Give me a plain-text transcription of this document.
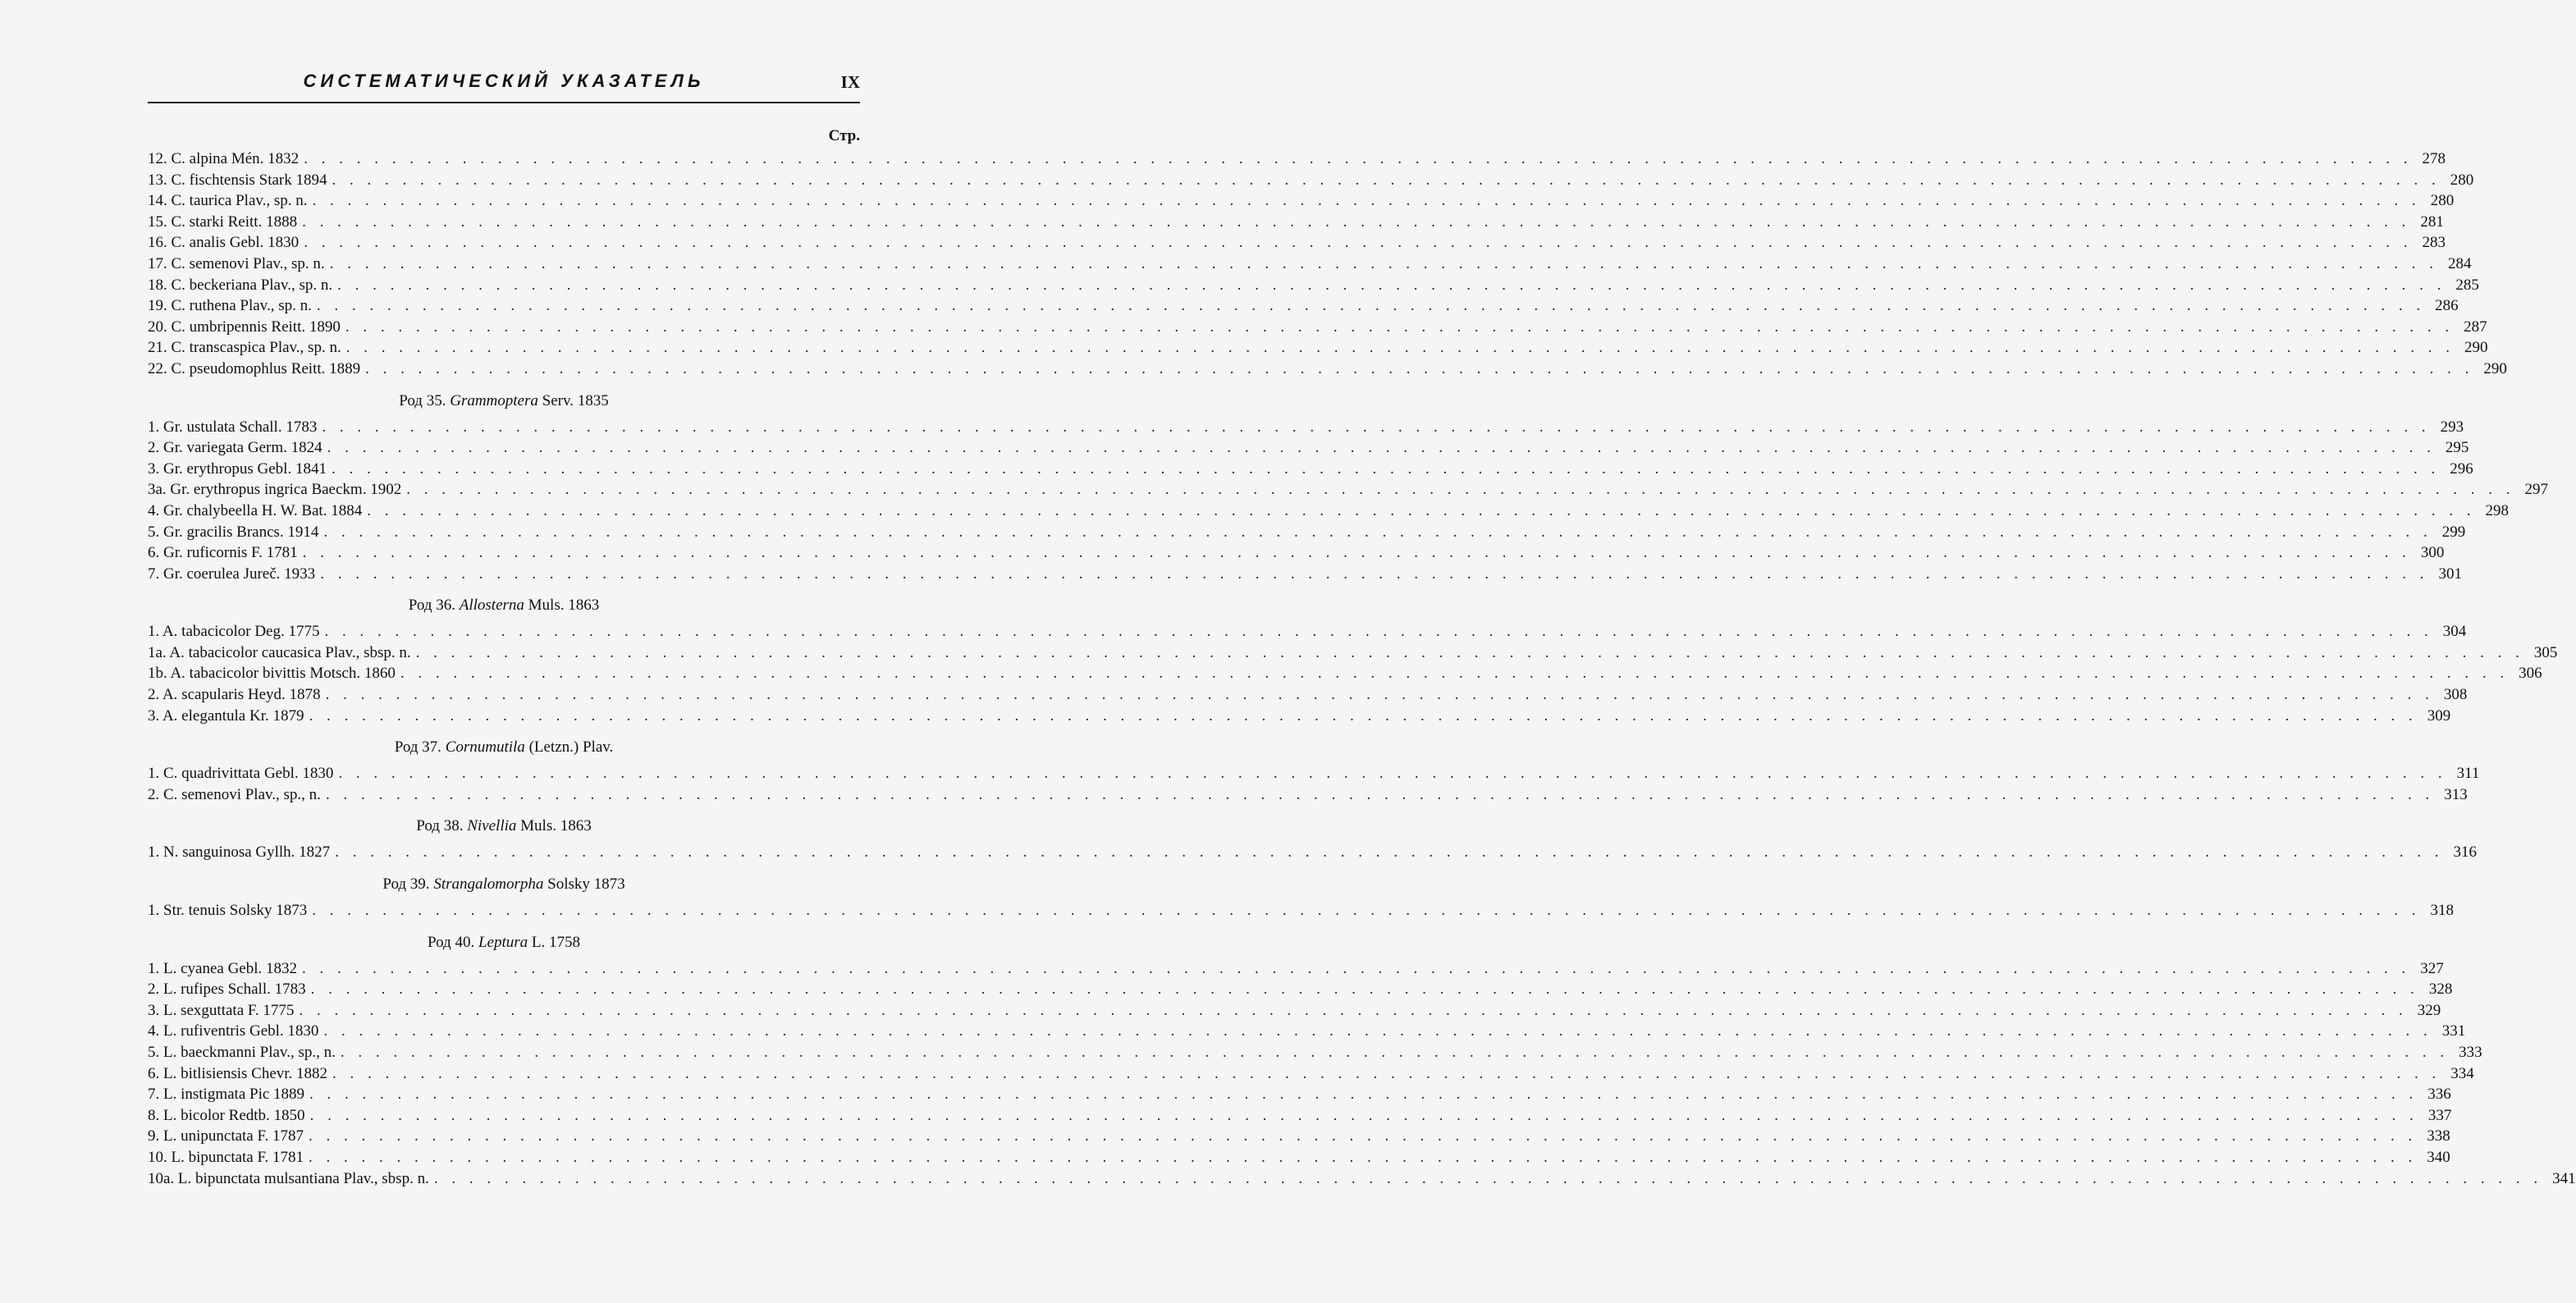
СИСТЕМАТИЧЕСКИЙ УКАЗАТЕЛЬ	IX
Стр.
12. C. alpina Mén. 1832 . . . . . . . . . . . . . . . . . . . . . . . . . . . . . . . . . . . . . . . . . . . . . . . . . . . . . . . . . . . . . . . . . . . . . . . . . . . . . . . . . . . . . . . . . . . . . . . . . . . . . . . . . . . . . . . . . . . . . . . . 278
13. C. fischtensis Stark 1894 . . . . . . . . . . . . . . . . . . . . . . . . . . . . . . . . . . . . . . . . . . . . . . . . . . . . . . . . . . . . . . . . . . . . . . . . . . . . . . . . . . . . . . . . . . . . . . . . . . . . . . . . . . . . . . . . . . . . . . . . 280
14. C. taurica Plav., sp. n. . . . . . . . . . . . . . . . . . . . . . . . . . . . . . . . . . . . . . . . . . . . . . . . . . . . . . . . . . . . . . . . . . . . . . . . . . . . . . . . . . . . . . . . . . . . . . . . . . . . . . . . . . . . . . . . . . . . . . . . . 280
15. C. starki Reitt. 1888 . . . . . . . . . . . . . . . . . . . . . . . . . . . . . . . . . . . . . . . . . . . . . . . . . . . . . . . . . . . . . . . . . . . . . . . . . . . . . . . . . . . . . . . . . . . . . . . . . . . . . . . . . . . . . . . . . . . . . . . . 281
16. C. analis Gebl. 1830 . . . . . . . . . . . . . . . . . . . . . . . . . . . . . . . . . . . . . . . . . . . . . . . . . . . . . . . . . . . . . . . . . . . . . . . . . . . . . . . . . . . . . . . . . . . . . . . . . . . . . . . . . . . . . . . . . . . . . . . . 283
17. C. semenovi Plav., sp. n. . . . . . . . . . . . . . . . . . . . . . . . . . . . . . . . . . . . . . . . . . . . . . . . . . . . . . . . . . . . . . . . . . . . . . . . . . . . . . . . . . . . . . . . . . . . . . . . . . . . . . . . . . . . . . . . . . . . . . . . . 284
18. C. beckeriana Plav., sp. n. . . . . . . . . . . . . . . . . . . . . . . . . . . . . . . . . . . . . . . . . . . . . . . . . . . . . . . . . . . . . . . . . . . . . . . . . . . . . . . . . . . . . . . . . . . . . . . . . . . . . . . . . . . . . . . . . . . . . . . . . 285
19. C. ruthena Plav., sp. n. . . . . . . . . . . . . . . . . . . . . . . . . . . . . . . . . . . . . . . . . . . . . . . . . . . . . . . . . . . . . . . . . . . . . . . . . . . . . . . . . . . . . . . . . . . . . . . . . . . . . . . . . . . . . . . . . . . . . . . . . 286
20. C. umbripennis Reitt. 1890 . . . . . . . . . . . . . . . . . . . . . . . . . . . . . . . . . . . . . . . . . . . . . . . . . . . . . . . . . . . . . . . . . . . . . . . . . . . . . . . . . . . . . . . . . . . . . . . . . . . . . . . . . . . . . . . . . . . . . . . . 287
21. C. transcaspica Plav., sp. n. . . . . . . . . . . . . . . . . . . . . . . . . . . . . . . . . . . . . . . . . . . . . . . . . . . . . . . . . . . . . . . . . . . . . . . . . . . . . . . . . . . . . . . . . . . . . . . . . . . . . . . . . . . . . . . . . . . . . . . . . 290
22. C. pseudomophlus Reitt. 1889 . . . . . . . . . . . . . . . . . . . . . . . . . . . . . . . . . . . . . . . . . . . . . . . . . . . . . . . . . . . . . . . . . . . . . . . . . . . . . . . . . . . . . . . . . . . . . . . . . . . . . . . . . . . . . . . . . . . . . . . . 290
Род 35. Grammoptera Serv. 1835
1. Gr. ustulata Schall. 1783 . . . . . . . . . . . . . . . . . . . . . . . . . . . . . . . . . . . . . . . . . . . . . . . . . . . . . . . . . . . . . . . . . . . . . . . . . . . . . . . . . . . . . . . . . . . . . . . . . . . . . . . . . . . . . . . . . . . . . . . . 293
2. Gr. variegata Germ. 1824 . . . . . . . . . . . . . . . . . . . . . . . . . . . . . . . . . . . . . . . . . . . . . . . . . . . . . . . . . . . . . . . . . . . . . . . . . . . . . . . . . . . . . . . . . . . . . . . . . . . . . . . . . . . . . . . . . . . . . . . . 295
3. Gr. erythropus Gebl. 1841 . . . . . . . . . . . . . . . . . . . . . . . . . . . . . . . . . . . . . . . . . . . . . . . . . . . . . . . . . . . . . . . . . . . . . . . . . . . . . . . . . . . . . . . . . . . . . . . . . . . . . . . . . . . . . . . . . . . . . . . . 296
3a. Gr. erythropus ingrica Baeckm. 1902 . . . . . . . . . . . . . . . . . . . . . . . . . . . . . . . . . . . . . . . . . . . . . . . . . . . . . . . . . . . . . . . . . . . . . . . . . . . . . . . . . . . . . . . . . . . . . . . . . . . . . . . . . . . . . . . . . . . . . . . . 297
4. Gr. chalybeella H. W. Bat. 1884 . . . . . . . . . . . . . . . . . . . . . . . . . . . . . . . . . . . . . . . . . . . . . . . . . . . . . . . . . . . . . . . . . . . . . . . . . . . . . . . . . . . . . . . . . . . . . . . . . . . . . . . . . . . . . . . . . . . . . . . . 298
5. Gr. gracilis Brancs. 1914 . . . . . . . . . . . . . . . . . . . . . . . . . . . . . . . . . . . . . . . . . . . . . . . . . . . . . . . . . . . . . . . . . . . . . . . . . . . . . . . . . . . . . . . . . . . . . . . . . . . . . . . . . . . . . . . . . . . . . . . . 299
6. Gr. ruficornis F. 1781 . . . . . . . . . . . . . . . . . . . . . . . . . . . . . . . . . . . . . . . . . . . . . . . . . . . . . . . . . . . . . . . . . . . . . . . . . . . . . . . . . . . . . . . . . . . . . . . . . . . . . . . . . . . . . . . . . . . . . . . . 300
7. Gr. coerulea Jureč. 1933 . . . . . . . . . . . . . . . . . . . . . . . . . . . . . . . . . . . . . . . . . . . . . . . . . . . . . . . . . . . . . . . . . . . . . . . . . . . . . . . . . . . . . . . . . . . . . . . . . . . . . . . . . . . . . . . . . . . . . . . . 301
Род 36. Allosterna Muls. 1863
1. A. tabacicolor Deg. 1775 . . . . . . . . . . . . . . . . . . . . . . . . . . . . . . . . . . . . . . . . . . . . . . . . . . . . . . . . . . . . . . . . . . . . . . . . . . . . . . . . . . . . . . . . . . . . . . . . . . . . . . . . . . . . . . . . . . . . . . . . 304
1a. A. tabacicolor caucasica Plav., sbsp. n. . . . . . . . . . . . . . . . . . . . . . . . . . . . . . . . . . . . . . . . . . . . . . . . . . . . . . . . . . . . . . . . . . . . . . . . . . . . . . . . . . . . . . . . . . . . . . . . . . . . . . . . . . . . . . . . . . . . . . . . . 305
1b. A. tabacicolor bivittis Motsch. 1860 . . . . . . . . . . . . . . . . . . . . . . . . . . . . . . . . . . . . . . . . . . . . . . . . . . . . . . . . . . . . . . . . . . . . . . . . . . . . . . . . . . . . . . . . . . . . . . . . . . . . . . . . . . . . . . . . . . . . . . . . 306
2. A. scapularis Heyd. 1878 . . . . . . . . . . . . . . . . . . . . . . . . . . . . . . . . . . . . . . . . . . . . . . . . . . . . . . . . . . . . . . . . . . . . . . . . . . . . . . . . . . . . . . . . . . . . . . . . . . . . . . . . . . . . . . . . . . . . . . . . 308
3. A. elegantula Kr. 1879 . . . . . . . . . . . . . . . . . . . . . . . . . . . . . . . . . . . . . . . . . . . . . . . . . . . . . . . . . . . . . . . . . . . . . . . . . . . . . . . . . . . . . . . . . . . . . . . . . . . . . . . . . . . . . . . . . . . . . . . . 309
Род 37. Cornumutila (Letzn.) Plav.
1. C. quadrivittata Gebl. 1830 . . . . . . . . . . . . . . . . . . . . . . . . . . . . . . . . . . . . . . . . . . . . . . . . . . . . . . . . . . . . . . . . . . . . . . . . . . . . . . . . . . . . . . . . . . . . . . . . . . . . . . . . . . . . . . . . . . . . . . . . 311
2. C. semenovi Plav., sp., n. . . . . . . . . . . . . . . . . . . . . . . . . . . . . . . . . . . . . . . . . . . . . . . . . . . . . . . . . . . . . . . . . . . . . . . . . . . . . . . . . . . . . . . . . . . . . . . . . . . . . . . . . . . . . . . . . . . . . . . . . 313
Род 38. Nivellia Muls. 1863
1. N. sanguinosa Gyllh. 1827 . . . . . . . . . . . . . . . . . . . . . . . . . . . . . . . . . . . . . . . . . . . . . . . . . . . . . . . . . . . . . . . . . . . . . . . . . . . . . . . . . . . . . . . . . . . . . . . . . . . . . . . . . . . . . . . . . . . . . . . . 316
Род 39. Strangalomorpha Solsky 1873
1. Str. tenuis Solsky 1873 . . . . . . . . . . . . . . . . . . . . . . . . . . . . . . . . . . . . . . . . . . . . . . . . . . . . . . . . . . . . . . . . . . . . . . . . . . . . . . . . . . . . . . . . . . . . . . . . . . . . . . . . . . . . . . . . . . . . . . . . 318
Род 40. Leptura L. 1758
1. L. cyanea Gebl. 1832 . . . . . . . . . . . . . . . . . . . . . . . . . . . . . . . . . . . . . . . . . . . . . . . . . . . . . . . . . . . . . . . . . . . . . . . . . . . . . . . . . . . . . . . . . . . . . . . . . . . . . . . . . . . . . . . . . . . . . . . . 327
2. L. rufipes Schall. 1783 . . . . . . . . . . . . . . . . . . . . . . . . . . . . . . . . . . . . . . . . . . . . . . . . . . . . . . . . . . . . . . . . . . . . . . . . . . . . . . . . . . . . . . . . . . . . . . . . . . . . . . . . . . . . . . . . . . . . . . . . 328
3. L. sexguttata F. 1775 . . . . . . . . . . . . . . . . . . . . . . . . . . . . . . . . . . . . . . . . . . . . . . . . . . . . . . . . . . . . . . . . . . . . . . . . . . . . . . . . . . . . . . . . . . . . . . . . . . . . . . . . . . . . . . . . . . . . . . . . 329
4. L. rufiventris Gebl. 1830 . . . . . . . . . . . . . . . . . . . . . . . . . . . . . . . . . . . . . . . . . . . . . . . . . . . . . . . . . . . . . . . . . . . . . . . . . . . . . . . . . . . . . . . . . . . . . . . . . . . . . . . . . . . . . . . . . . . . . . . . 331
5. L. baeckmanni Plav., sp., n. . . . . . . . . . . . . . . . . . . . . . . . . . . . . . . . . . . . . . . . . . . . . . . . . . . . . . . . . . . . . . . . . . . . . . . . . . . . . . . . . . . . . . . . . . . . . . . . . . . . . . . . . . . . . . . . . . . . . . . . . 333
6. L. bitlisiensis Chevr. 1882 . . . . . . . . . . . . . . . . . . . . . . . . . . . . . . . . . . . . . . . . . . . . . . . . . . . . . . . . . . . . . . . . . . . . . . . . . . . . . . . . . . . . . . . . . . . . . . . . . . . . . . . . . . . . . . . . . . . . . . . . 334
7. L. instigmata Pic 1889 . . . . . . . . . . . . . . . . . . . . . . . . . . . . . . . . . . . . . . . . . . . . . . . . . . . . . . . . . . . . . . . . . . . . . . . . . . . . . . . . . . . . . . . . . . . . . . . . . . . . . . . . . . . . . . . . . . . . . . . . 336
8. L. bicolor Redtb. 1850 . . . . . . . . . . . . . . . . . . . . . . . . . . . . . . . . . . . . . . . . . . . . . . . . . . . . . . . . . . . . . . . . . . . . . . . . . . . . . . . . . . . . . . . . . . . . . . . . . . . . . . . . . . . . . . . . . . . . . . . . 337
9. L. unipunctata F. 1787 . . . . . . . . . . . . . . . . . . . . . . . . . . . . . . . . . . . . . . . . . . . . . . . . . . . . . . . . . . . . . . . . . . . . . . . . . . . . . . . . . . . . . . . . . . . . . . . . . . . . . . . . . . . . . . . . . . . . . . . . 338
10. L. bipunctata F. 1781 . . . . . . . . . . . . . . . . . . . . . . . . . . . . . . . . . . . . . . . . . . . . . . . . . . . . . . . . . . . . . . . . . . . . . . . . . . . . . . . . . . . . . . . . . . . . . . . . . . . . . . . . . . . . . . . . . . . . . . . . 340
10a. L. bipunctata mulsantiana Plav., sbsp. n. . . . . . . . . . . . . . . . . . . . . . . . . . . . . . . . . . . . . . . . . . . . . . . . . . . . . . . . . . . . . . . . . . . . . . . . . . . . . . . . . . . . . . . . . . . . . . . . . . . . . . . . . . . . . . . . . . . . . . . . . 341
